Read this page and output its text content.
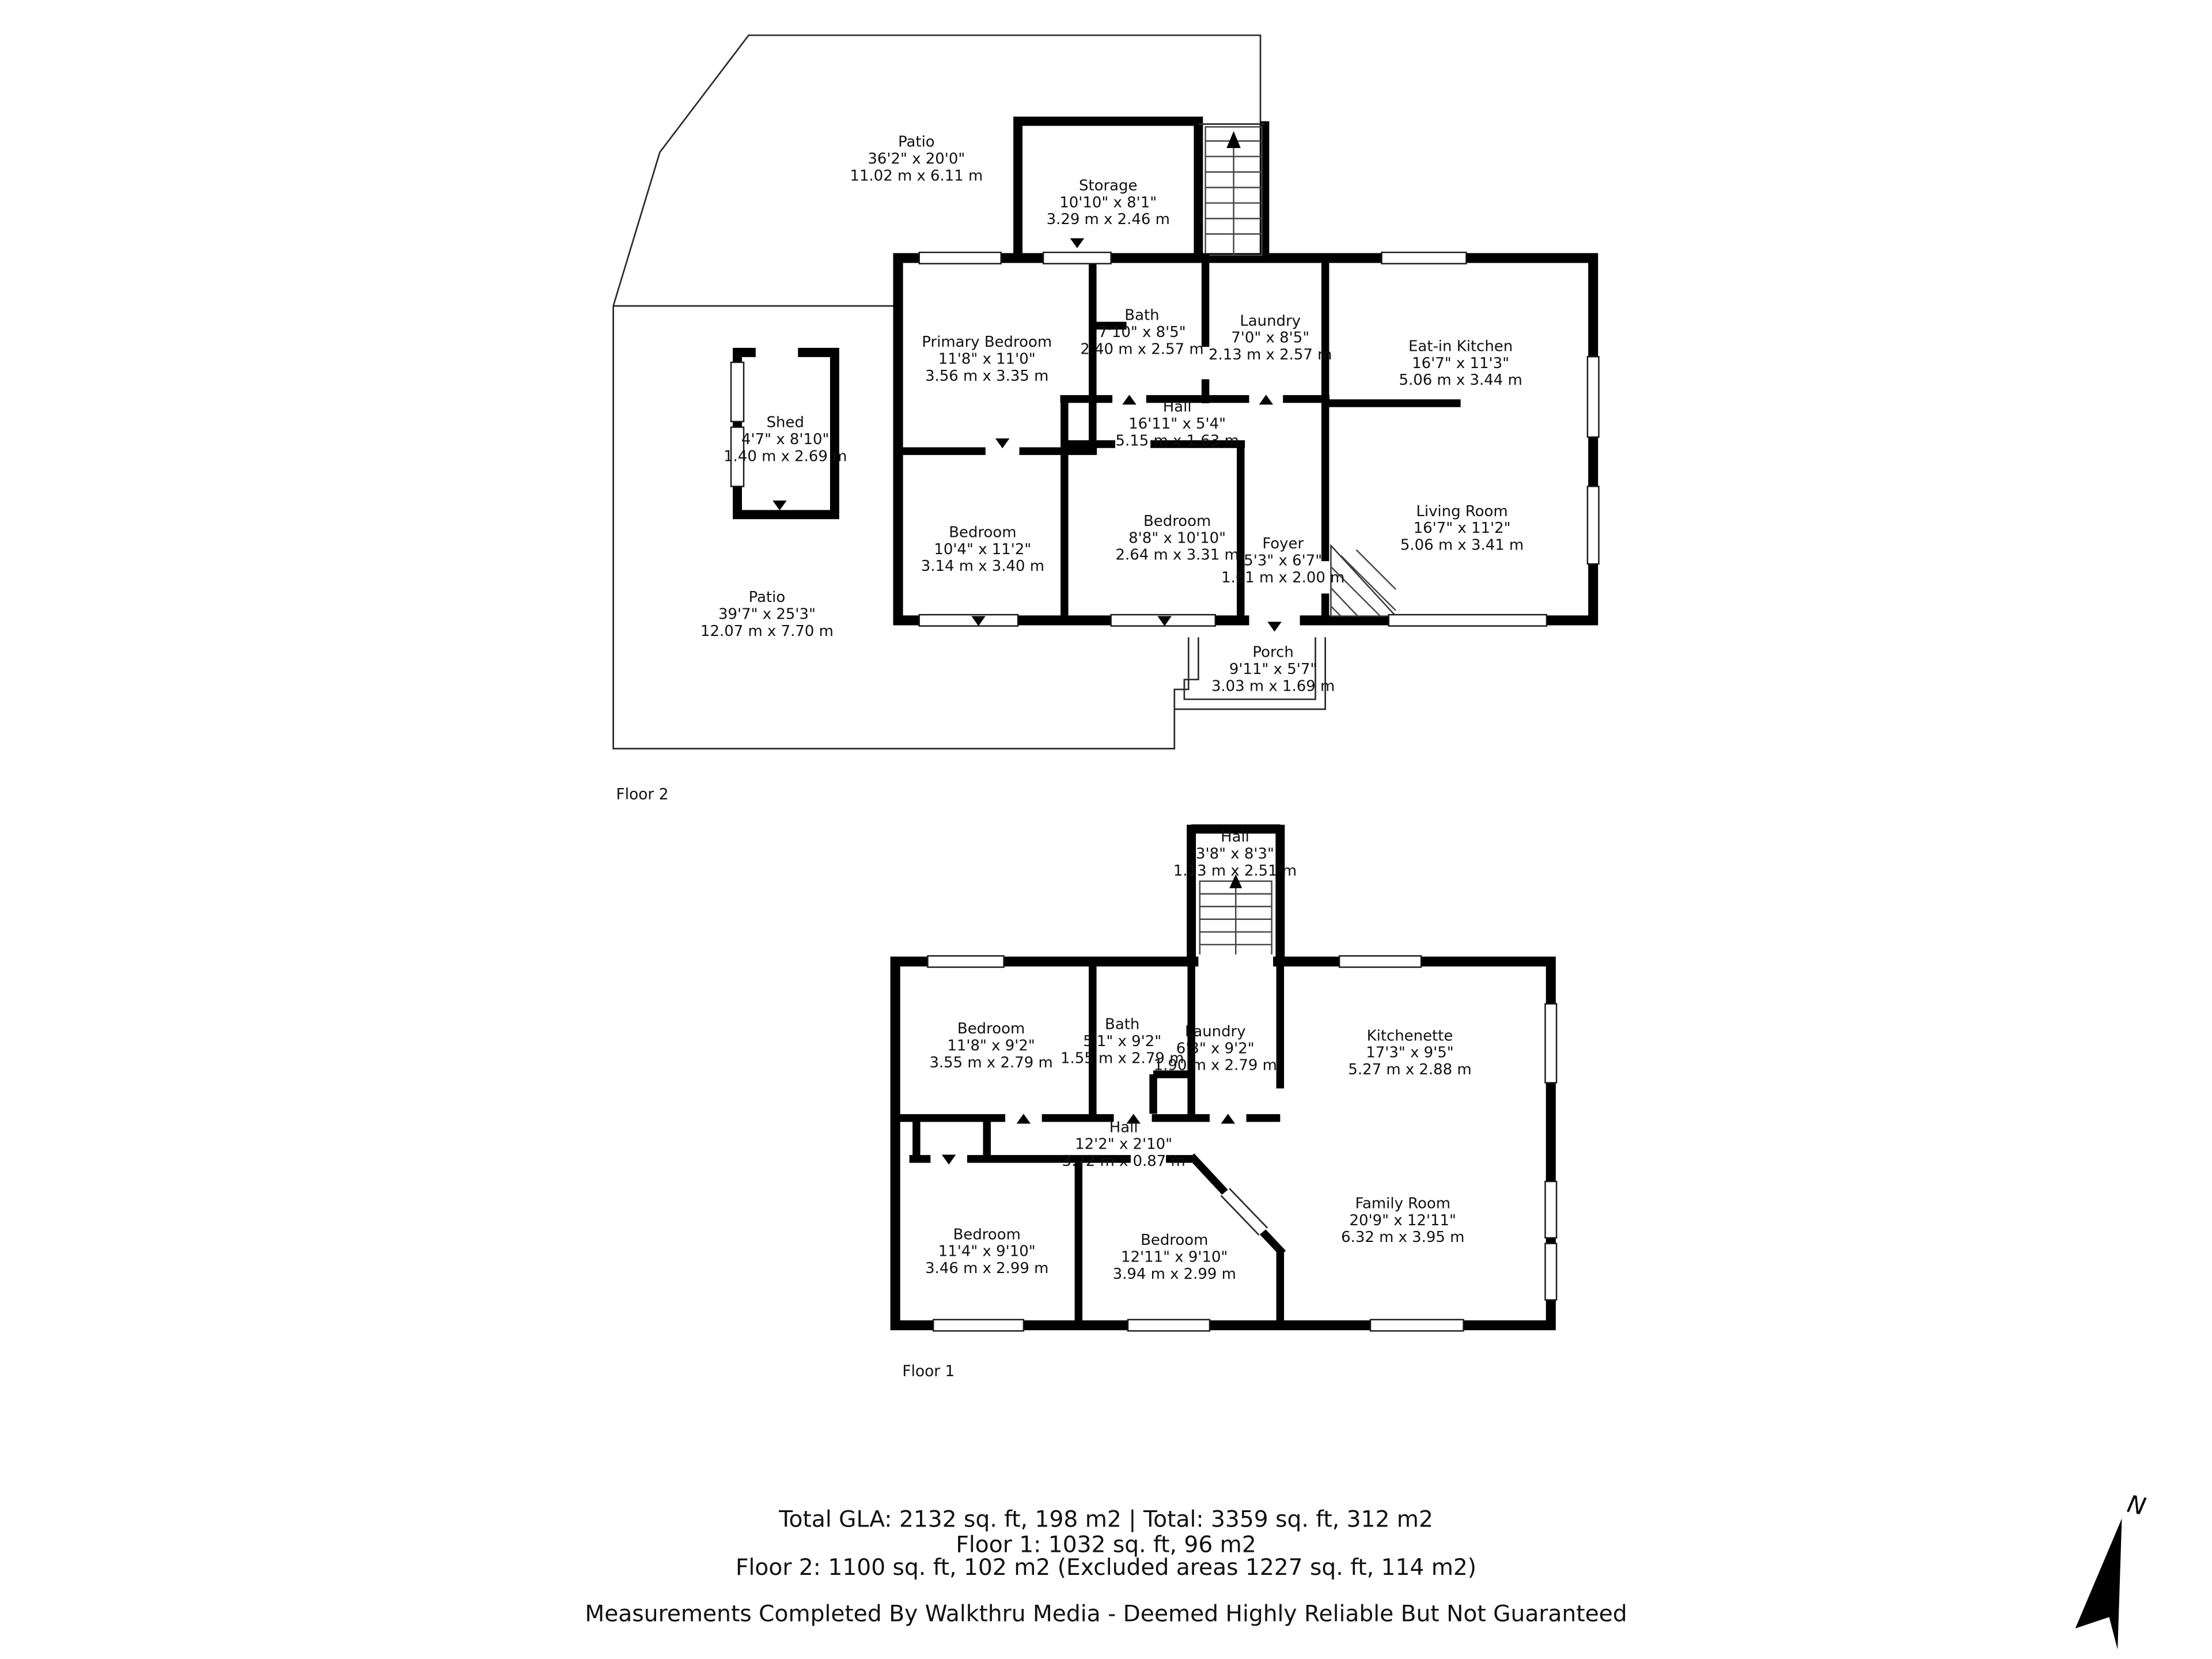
N
Patio
36'2" x 20'0"
11.02 m x 6.11 m
Storage
10'10" x 8'1"
3.29 m x 2.46 m
Primary Bedroom
11'8" x 11'0"
3.56 m x 3.35 m
Bath
7'10" x 8'5"
2.40 m x 2.57 m
Laundry
7'0" x 8'5"
2.13 m x 2.57 m	Eat-in Kitchen
16'7" x 11'3"
5.06 m x 3.44 m
Hall
16'11" x 5'4"
5.15 m x 1.63 m
Shed
4'7" x 8'10"
1.40 m x 2.69 m
Bedroom
10'4" x 11'2"
3.14 m x 3.40 m
Bedroom
8'8" x 10'10"
2.64 m x 3.31 m
Foyer
5'3" x 6'7"
1.61 m x 2.00 m
Living Room
16'7" x 11'2"
5.06 m x 3.41 m
Patio
39'7" x 25'3"
12.07 m x 7.70 m
Porch
9'11" x 5'7"
3.03 m x 1.69 m
Floor 2
Hall
3'8" x 8'3"
1.13 m x 2.51 m
Bedroom
11'8" x 9'2"
3.55 m x 2.79 m
Bath
5'1" x 9'2"
1.55 m x 2.79 m
Laundry
6'3" x 9'2"
1.90 m x 2.79 m
Kitchenette
17'3" x 9'5"
5.27 m x 2.88 m
Hall
12'2" x 2'10"
3.72 m x 0.87 m
Family Room
20'9" x 12'11"
6.32 m x 3.95 m
Bedroom
11'4" x 9'10"
3.46 m x 2.99 m
Bedroom
12'11" x 9'10"
3.94 m x 2.99 m
Floor 1
Total GLA: 2132 sq. ft, 198 m2 | Total: 3359 sq. ft, 312 m2
Floor 1: 1032 sq. ft, 96 m2
Floor 2: 1100 sq. ft, 102 m2 (Excluded areas 1227 sq. ft, 114 m2)
Measurements Completed By Walkthru Media - Deemed Highly Reliable But Not Guaranteed
